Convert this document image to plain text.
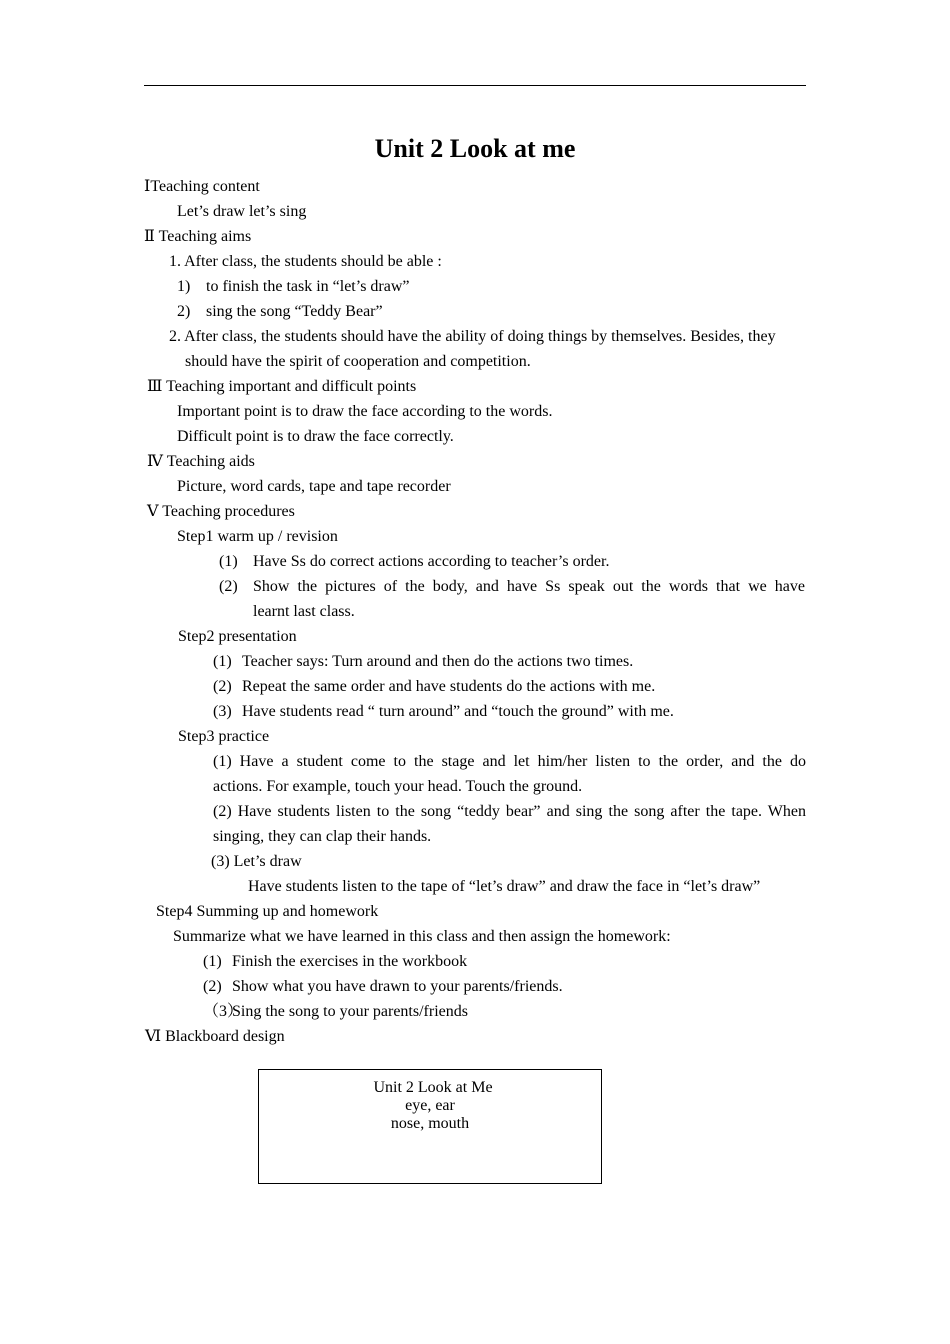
Unit 2 Look at me
ⅠTeaching content
Let’s draw let’s sing
Ⅱ Teaching aims
1. After class, the students should be able :
1) to finish the task in “let’s draw”
2) sing the song “Teddy Bear”
2. After class, the students should have the ability of doing things by themselves. Besides, they
should have the spirit of cooperation and competition.
Ⅲ Teaching important and difficult points
Important point is to draw the face according to the words.
Difficult point is to draw the face correctly.
Ⅳ Teaching aids
Picture, word cards, tape and tape recorder
Ⅴ Teaching procedures
Step1 warm up / revision
(1) Have Ss do correct actions according to teacher’s order.
(2) Show the pictures of the body, and have Ss speak out the words that we have
learnt last class.
Step2 presentation
(1) Teacher says: Turn around and then do the actions two times.
(2) Repeat the same order and have students do the actions with me.
(3) Have students read “ turn around” and “touch the ground” with me.
Step3 practice
(1) Have a student come to the stage and let him/her listen to the order, and the do
actions. For example, touch your head. Touch the ground.
(2) Have students listen to the song “teddy bear” and sing the song after the tape. When
singing, they can clap their hands.
(3) Let’s draw
Have students listen to the tape of “let’s draw” and draw the face in “let’s draw”
Step4 Summing up and homework
Summarize what we have learned in this class and then assign the homework:
(1) Finish the exercises in the workbook
(2) Show what you have drawn to your parents/friends.
（3）Sing the song to your parents/friends
Ⅵ Blackboard design
Unit 2 Look at Me
eye, ear
nose, mouth
